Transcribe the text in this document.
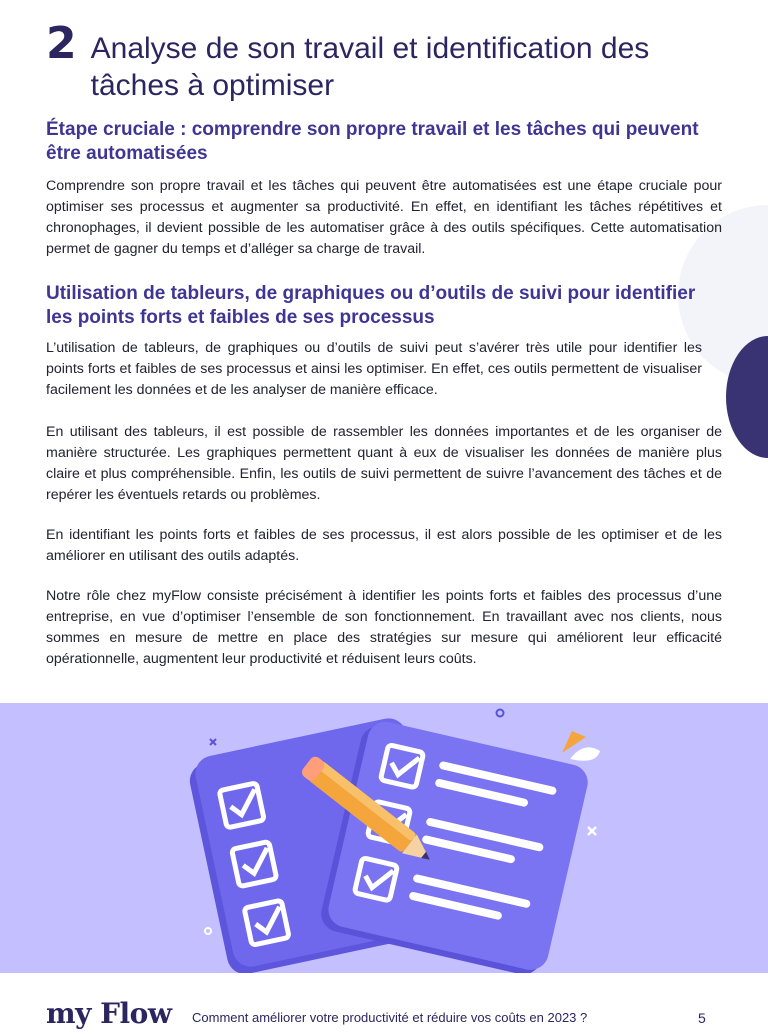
2 Analyse de son travail et identification des tâches à optimiser
Étape cruciale : comprendre son propre travail et les tâches qui peuvent être automatisées

Comprendre son propre travail et les tâches qui peuvent être automatisées est une étape cruciale pour optimiser ses processus et augmenter sa productivité. En effet, en identifiant les tâches répétitives et chronophages, il devient possible de les automatiser grâce à des outils spécifiques. Cette automatisation permet de gagner du temps et d’alléger sa charge de travail.

Utilisation de tableurs, de graphiques ou d’outils de suivi pour identifier les points forts et faibles de ses processus

L’utilisation de tableurs, de graphiques ou d’outils de suivi peut s’avérer très utile pour identifier les points forts et faibles de ses processus et ainsi les optimiser. En effet, ces outils permettent de visualiser facilement les données et de les analyser de manière efficace.

En utilisant des tableurs, il est possible de rassembler les données importantes et de les organiser de manière structurée. Les graphiques permettent quant à eux de visualiser les données de manière plus claire et plus compréhensible. Enfin, les outils de suivi permettent de suivre l’avancement des tâches et de repérer les éventuels retards ou problèmes.

En identifiant les points forts et faibles de ses processus, il est alors possible de les optimiser et de les améliorer en utilisant des outils adaptés.

Notre rôle chez myFlow consiste précisément à identifier les points forts et faibles des processus d’une entreprise, en vue d’optimiser l’ensemble de son fonctionnement. En travaillant avec nos clients, nous sommes en mesure de mettre en place des stratégies sur mesure qui améliorent leur efficacité opérationnelle, augmentent leur productivité et réduisent leurs coûts.

my Flow Comment améliorer votre productivité et réduire vos coûts en 2023 ?	5
